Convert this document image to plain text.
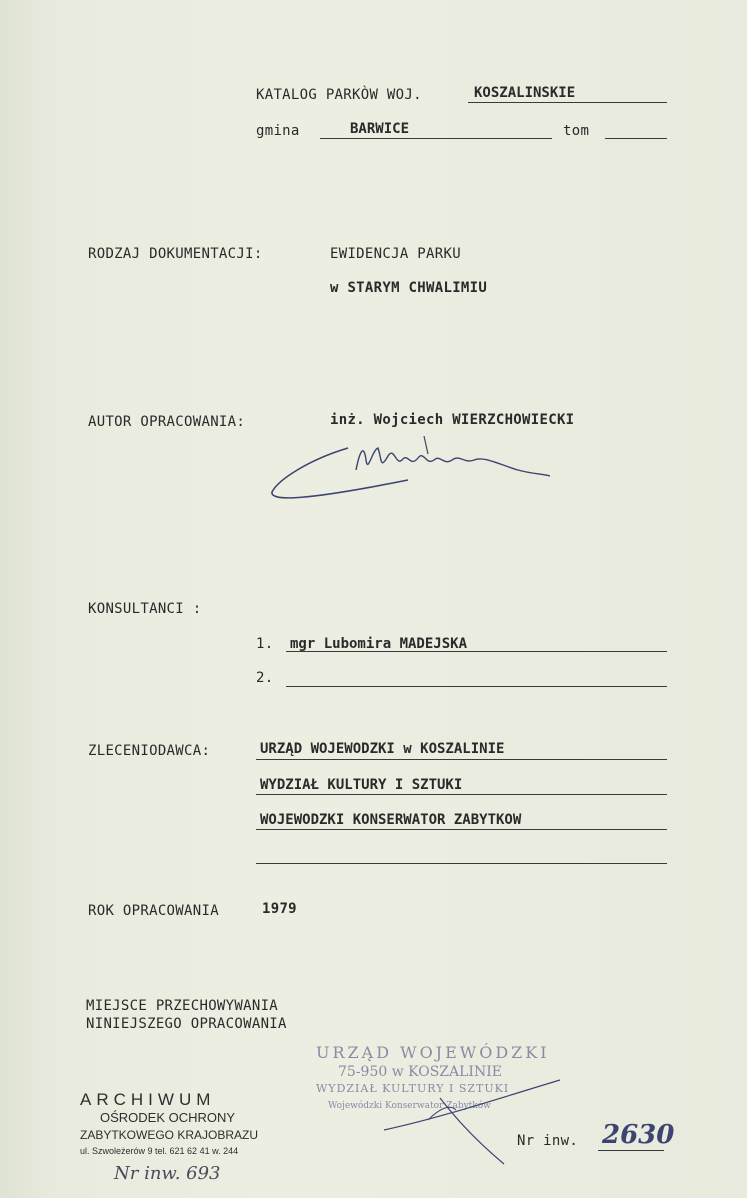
KATALOG PARKÒW WOJ.	KOSZALINSKIE
gmina	BARWICE	tom
RODZAJ DOKUMENTACJI:	EWIDENCJA PARKU
w STARYM CHWALIMIU
AUTOR OPRACOWANIA:	inż. Wojciech WIERZCHOWIECKI
KONSULTANCI :
1. mgr Lubomira MADEJSKA
2.
ZLECENIODAWCA:	URZĄD WOJEWODZKI w KOSZALINIE
WYDZIAŁ KULTURY I SZTUKI
WOJEWODZKI KONSERWATOR ZABYTKOW
ROK OPRACOWANIA	1979
MIEJSCE PRZECHOWYWANIA
NINIEJSZEGO OPRACOWANIA
URZĄD WOJEWÓDZKI
75-950 w KOSZALINIE
WYDZIAŁ KULTURY I SZTUKI
Wojewódzki Konserwator Zabytków
ARCHIWUM
OŚRODEK OCHRONY
ZABYTKOWEGO KRAJOBRAZU
ul. Szwoleżerów 9 tel. 621 62 41 w. 244
Nr inw. 2630
Nr inw. 693
